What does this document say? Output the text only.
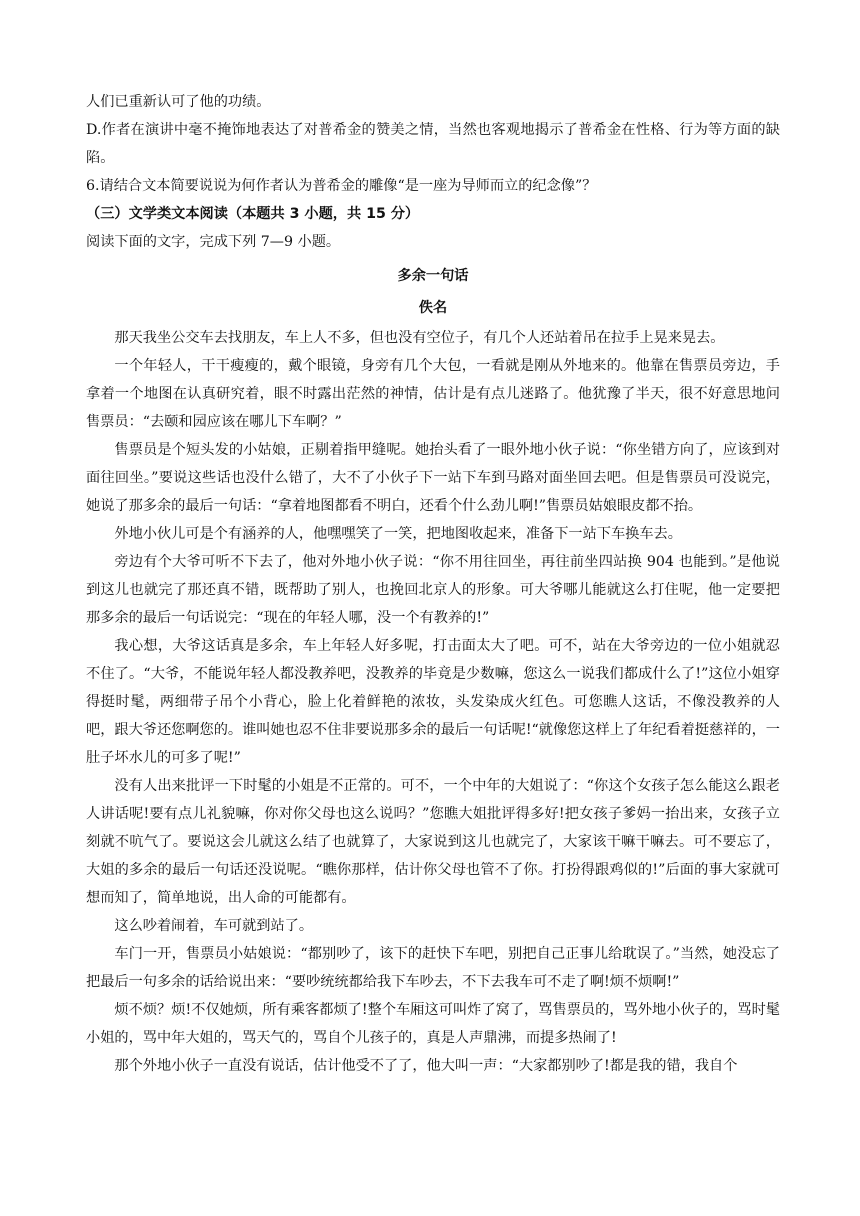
人们已重新认可了他的功绩。

D.作者在演讲中毫不掩饰地表达了对普希金的赞美之情，当然也客观地揭示了普希金在性格、行为等方面的缺陷。

6.请结合文本简要说说为何作者认为普希金的雕像“是一座为导师而立的纪念像”？

（三）文学类文本阅读（本题共 3 小题，共 15 分）

阅读下面的文字，完成下列 7—9 小题。

多余一句话

佚名

那天我坐公交车去找朋友，车上人不多，但也没有空位子，有几个人还站着吊在拉手上晃来晃去。

一个年轻人，干干瘦瘦的，戴个眼镜，身旁有几个大包，一看就是刚从外地来的。他靠在售票员旁边，手拿着一个地图在认真研究着，眼不时露出茫然的神情，估计是有点儿迷路了。他犹豫了半天，很不好意思地问售票员：“去颐和园应该在哪儿下车啊？”

售票员是个短头发的小姑娘，正剔着指甲缝呢。她抬头看了一眼外地小伙子说：“你坐错方向了，应该到对面往回坐。”要说这些话也没什么错了，大不了小伙子下一站下车到马路对面坐回去吧。但是售票员可没说完，她说了那多余的最后一句话：“拿着地图都看不明白，还看个什么劲儿啊!”售票员姑娘眼皮都不抬。

外地小伙儿可是个有涵养的人，他嘿嘿笑了一笑，把地图收起来，准备下一站下车换车去。

旁边有个大爷可听不下去了，他对外地小伙子说：“你不用往回坐，再往前坐四站换 904 也能到。”是他说到这儿也就完了那还真不错，既帮助了别人，也挽回北京人的形象。可大爷哪儿能就这么打住呢，他一定要把那多余的最后一句话说完：“现在的年轻人哪，没一个有教养的!”

我心想，大爷这话真是多余，车上年轻人好多呢，打击面太大了吧。可不，站在大爷旁边的一位小姐就忍不住了。“大爷，不能说年轻人都没教养吧，没教养的毕竟是少数嘛，您这么一说我们都成什么了!”这位小姐穿得挺时髦，两细带子吊个小背心，脸上化着鲜艳的浓妆，头发染成火红色。可您瞧人这话，不像没教养的人吧，跟大爷还您啊您的。谁叫她也忍不住非要说那多余的最后一句话呢!“就像您这样上了年纪看着挺慈祥的，一肚子坏水儿的可多了呢!”

没有人出来批评一下时髦的小姐是不正常的。可不，一个中年的大姐说了：“你这个女孩子怎么能这么跟老人讲话呢!要有点儿礼貌嘛，你对你父母也这么说吗？”您瞧大姐批评得多好!把女孩子爹妈一抬出来，女孩子立刻就不吭气了。要说这会儿就这么结了也就算了，大家说到这儿也就完了，大家该干嘛干嘛去。可不要忘了，大姐的多余的最后一句话还没说呢。“瞧你那样，估计你父母也管不了你。打扮得跟鸡似的!”后面的事大家就可想而知了，简单地说，出人命的可能都有。

这么吵着闹着，车可就到站了。

车门一开，售票员小姑娘说：“都别吵了，该下的赶快下车吧，别把自己正事儿给耽误了。”当然，她没忘了把最后一句多余的话给说出来：“要吵统统都给我下车吵去，不下去我车可不走了啊!烦不烦啊!”

烦不烦？烦!不仅她烦，所有乘客都烦了!整个车厢这可叫炸了窝了，骂售票员的，骂外地小伙子的，骂时髦小姐的，骂中年大姐的，骂天气的，骂自个儿孩子的，真是人声鼎沸，而提多热闹了!

那个外地小伙子一直没有说话，估计他受不了了，他大叫一声：“大家都别吵了!都是我的错，我自个
